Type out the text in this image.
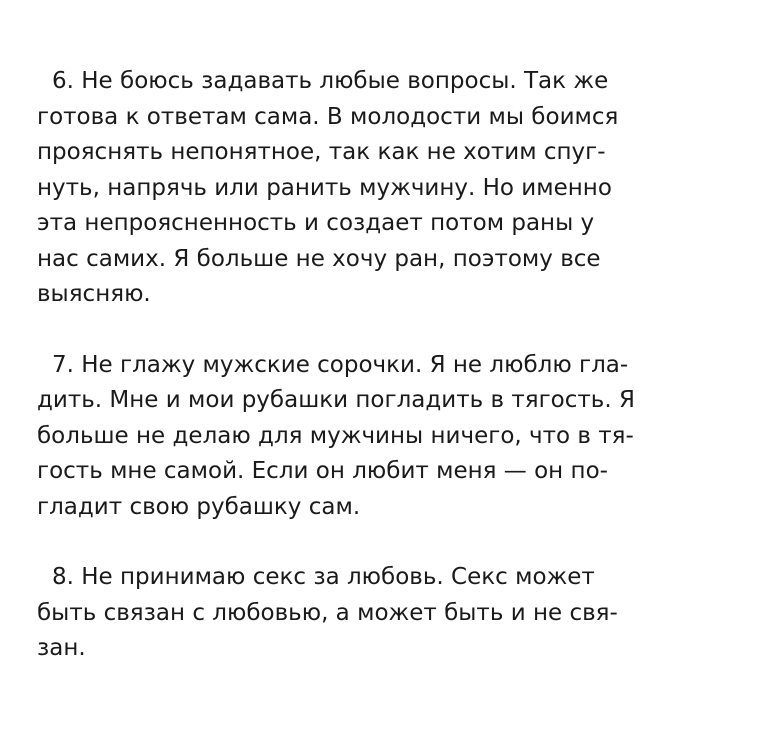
6. Не боюсь задавать любые вопросы. Так же
готова к ответам сама. В молодости мы боимся
прояснять непонятное, так как не хотим спуг-
нуть, напрячь или ранить мужчину. Но именно
эта непроясненность и создает потом раны у
нас самих. Я больше не хочу ран, поэтому все
выясняю.

7. Не глажу мужские сорочки. Я не люблю гла-
дить. Мне и мои рубашки погладить в тягость. Я
больше не делаю для мужчины ничего, что в тя-
гость мне самой. Если он любит меня — он по-
гладит свою рубашку сам.

8. Не принимаю секс за любовь. Секс может
быть связан с любовью, а может быть и не свя-
зан.
